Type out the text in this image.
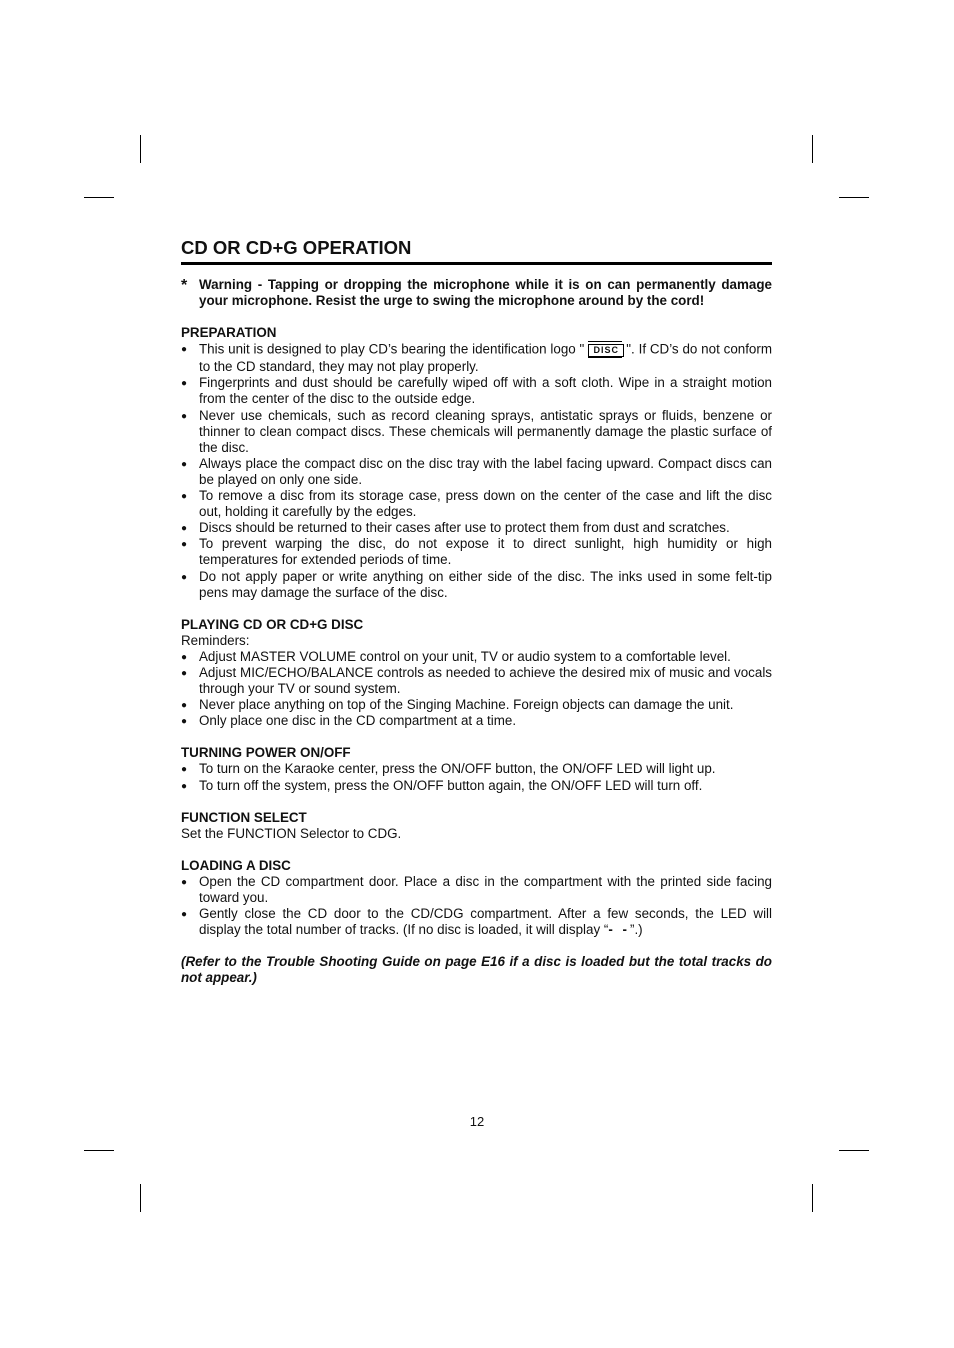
CD OR CD+G OPERATION
* Warning - Tapping or dropping the microphone while it is on can permanently damage your microphone. Resist the urge to swing the microphone around by the cord!
PREPARATION
● This unit is designed to play CD’s bearing the identification logo "	DISC ". If CD’s do not conform to the CD standard, they may not play properly.
● Fingerprints and dust should be carefully wiped off with a soft cloth. Wipe in a straight motion from the center of the disc to the outside edge.
● Never use chemicals, such as record cleaning sprays, antistatic sprays or fluids, benzene or thinner to clean compact discs. These chemicals will permanently damage the plastic surface of the disc.
● Always place the compact disc on the disc tray with the label facing upward. Compact discs can be played on only one side.
● To remove a disc from its storage case, press down on the center of the case and lift the disc out, holding it carefully by the edges.
● Discs should be returned to their cases after use to protect them from dust and scratches.
● To prevent warping the disc, do not expose it to direct sunlight, high humidity or high temperatures for extended periods of time.
● Do not apply paper or write anything on either side of the disc. The inks used in some felt-tip pens may damage the surface of the disc.
PLAYING CD OR CD+G DISC
Reminders:
● Adjust MASTER VOLUME control on your unit, TV or audio system to a comfortable level.
● Adjust MIC/ECHO/BALANCE controls as needed to achieve the desired mix of music and vocals through your TV or sound system.
● Never place anything on top of the Singing Machine. Foreign objects can damage the unit.
● Only place one disc in the CD compartment at a time.
TURNING POWER ON/OFF
● To turn on the Karaoke center, press the ON/OFF button, the ON/OFF LED will light up.
● To turn off the system, press the ON/OFF button again, the ON/OFF LED will turn off.
FUNCTION SELECT
Set the FUNCTION Selector to CDG.
LOADING A DISC
● Open the CD compartment door. Place a disc in the compartment with the printed side facing toward you.
● Gently close the CD door to the CD/CDG compartment. After a few seconds, the LED will display the total number of tracks. (If no disc is loaded, it will display “- -”.)
(Refer to the Trouble Shooting Guide on page E16 if a disc is loaded but the total tracks do not appear.)
12
